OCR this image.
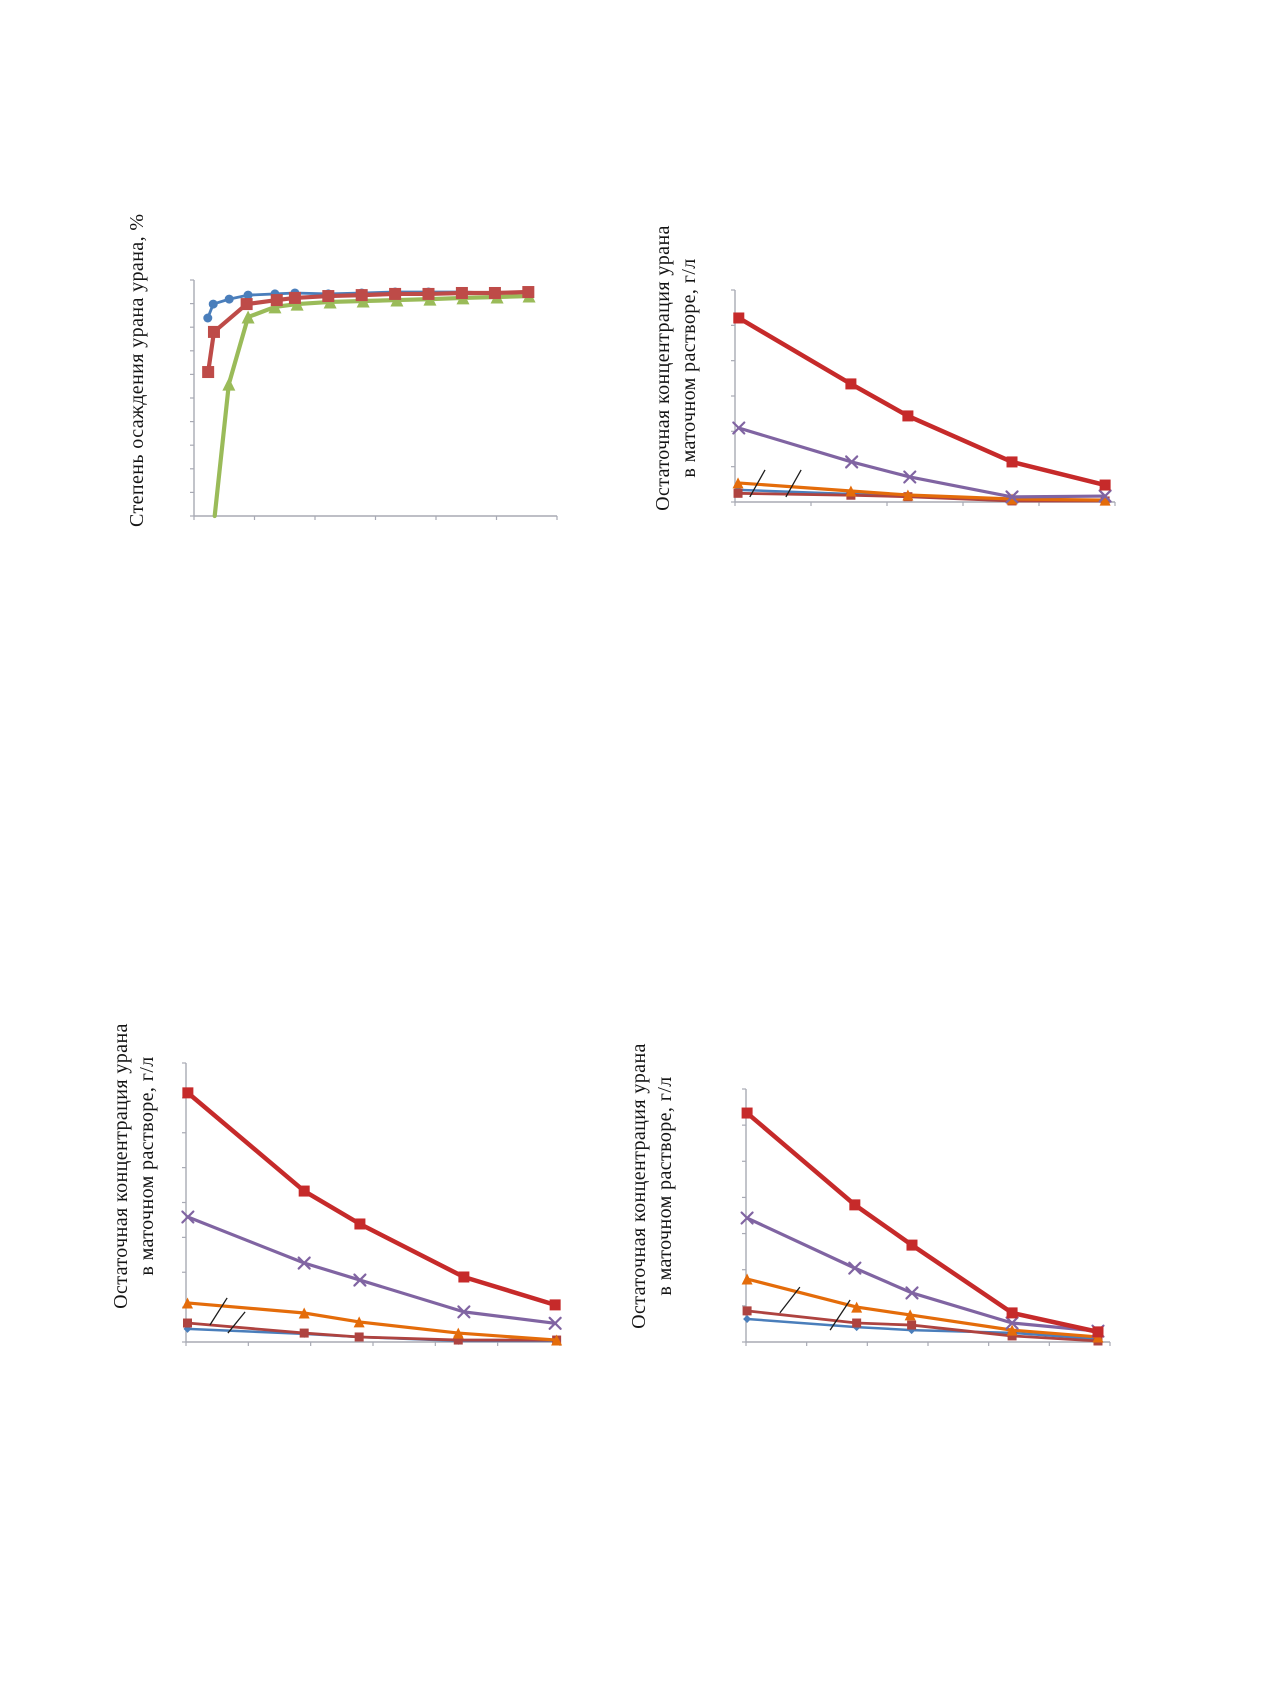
Степень осаждения урана урана, %	Остаточная концентрация урана в маточном растворе, г/л
Остаточная концентрация урана в маточном растворе, г/л	Остаточная концентрация урана в маточном растворе, г/л
